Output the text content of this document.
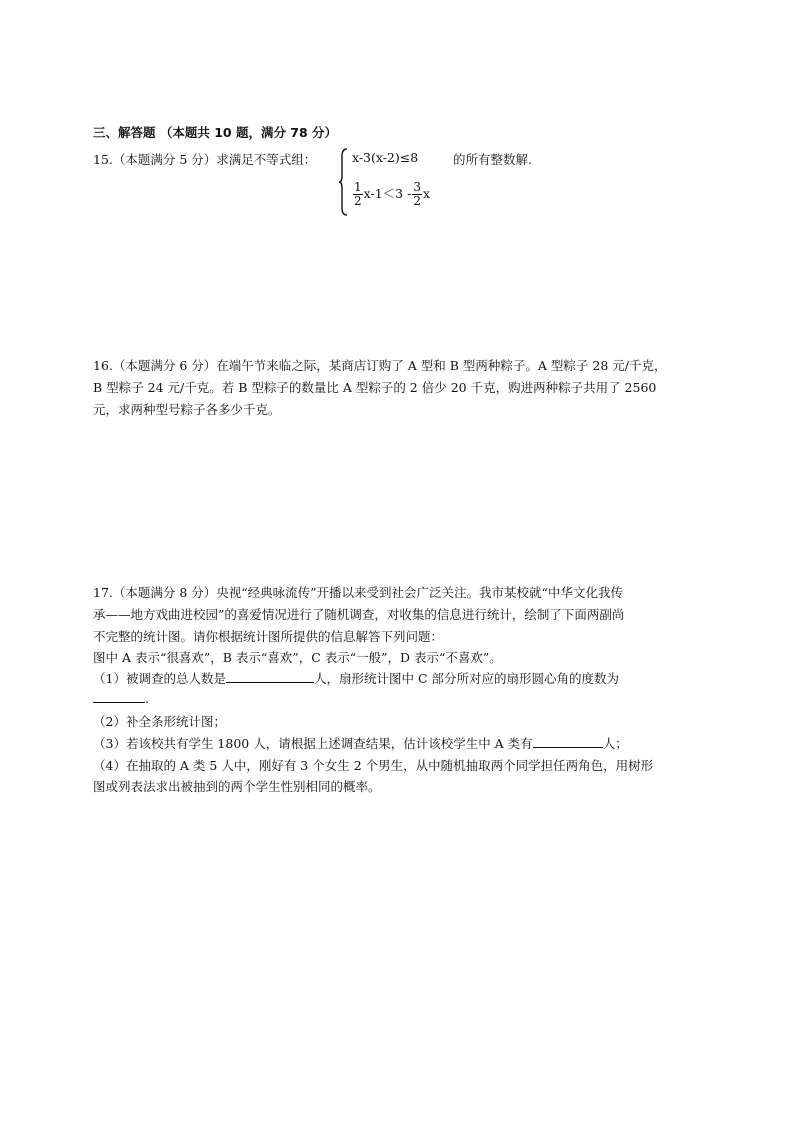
三、解答题 （本题共 10 题，满分 78 分）
15.（本题满分 5 分）求满足不等式组：	x-3(x-2)≤8
$\frac{1}{2} x-1<3 - \frac{3}{2}$ x
的所有整数解.
16.（本题满分 6 分）在端午节来临之际，某商店订购了 A 型和 B 型两种粽子。A 型粽子 28 元/千克，
B 型粽子 24 元/千克。若 B 型粽子的数量比 A 型粽子的 2 倍少 20 千克，购进两种粽子共用了 2560
元，求两种型号粽子各多少千克。
17.（本题满分 8 分）央视“经典咏流传”开播以来受到社会广泛关注。我市某校就“中华文化我传
承——地方戏曲进校园”的喜爱情况进行了随机调查，对收集的信息进行统计，绘制了下面两副尚
不完整的统计图。请你根据统计图所提供的信息解答下列问题：
图中 A 表示“很喜欢”，B 表示“喜欢”，C 表示“一般”，D 表示“不喜欢”。
（1）被调查的总人数是	人，扇形统计图中 C 部分所对应的扇形圆心角的度数为
.
（2）补全条形统计图；
（3）若该校共有学生 1800 人，请根据上述调查结果，估计该校学生中 A 类有	人；
（4）在抽取的 A 类 5 人中，刚好有 3 个女生 2 个男生，从中随机抽取两个同学担任两角色，用树形
图或列表法求出被抽到的两个学生性别相同的概率。
